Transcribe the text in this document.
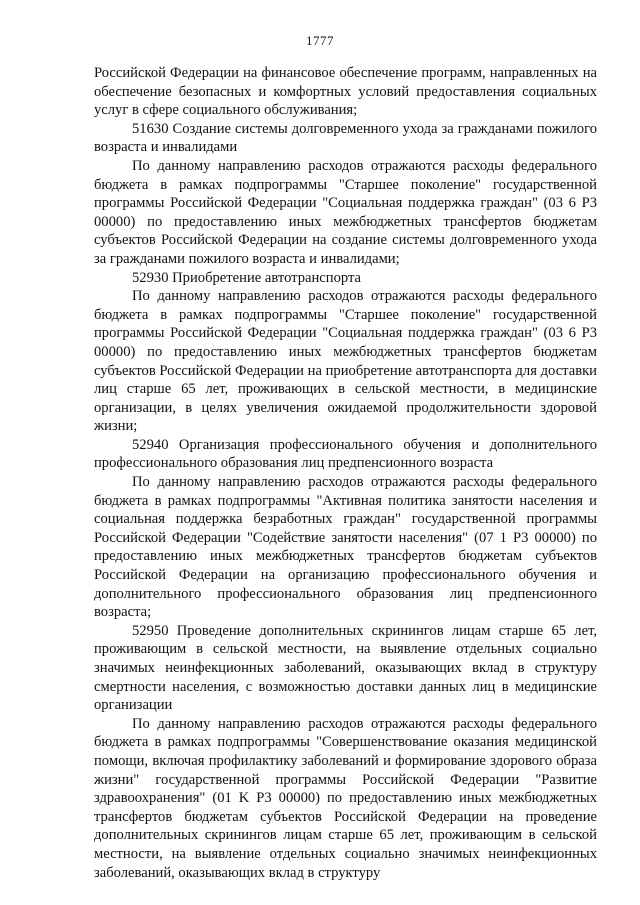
1777

Российской Федерации на финансовое обеспечение программ, направленных на обеспечение безопасных и комфортных условий предоставления социальных услуг в сфере социального обслуживания;

51630 Создание системы долговременного ухода за гражданами пожилого возраста и инвалидами

По данному направлению расходов отражаются расходы федерального бюджета в рамках подпрограммы "Старшее поколение" государственной программы Российской Федерации "Социальная поддержка граждан" (03 6 P3 00000) по предоставлению иных межбюджетных трансфертов бюджетам субъектов Российской Федерации на создание системы долговременного ухода за гражданами пожилого возраста и инвалидами;

52930 Приобретение автотранспорта

По данному направлению расходов отражаются расходы федерального бюджета в рамках подпрограммы "Старшее поколение" государственной программы Российской Федерации "Социальная поддержка граждан" (03 6 P3 00000) по предоставлению иных межбюджетных трансфертов бюджетам субъектов Российской Федерации на приобретение автотранспорта для доставки лиц старше 65 лет, проживающих в сельской местности, в медицинские организации, в целях увеличения ожидаемой продолжительности здоровой жизни;

52940 Организация профессионального обучения и дополнительного профессионального образования лиц предпенсионного возраста

По данному направлению расходов отражаются расходы федерального бюджета в рамках подпрограммы "Активная политика занятости населения и социальная поддержка безработных граждан" государственной программы Российской Федерации "Содействие занятости населения" (07 1 P3 00000) по предоставлению иных межбюджетных трансфертов бюджетам субъектов Российской Федерации на организацию профессионального обучения и дополнительного профессионального образования лиц предпенсионного возраста;

52950 Проведение дополнительных скринингов лицам старше 65 лет, проживающим в сельской местности, на выявление отдельных социально значимых неинфекционных заболеваний, оказывающих вклад в структуру смертности населения, с возможностью доставки данных лиц в медицинские организации

По данному направлению расходов отражаются расходы федерального бюджета в рамках подпрограммы "Совершенствование оказания медицинской помощи, включая профилактику заболеваний и формирование здорового образа жизни" государственной программы Российской Федерации "Развитие здравоохранения" (01 K P3 00000) по предоставлению иных межбюджетных трансфертов бюджетам субъектов Российской Федерации на проведение дополнительных скринингов лицам старше 65 лет, проживающим в сельской местности, на выявление отдельных социально значимых неинфекционных заболеваний, оказывающих вклад в структуру
